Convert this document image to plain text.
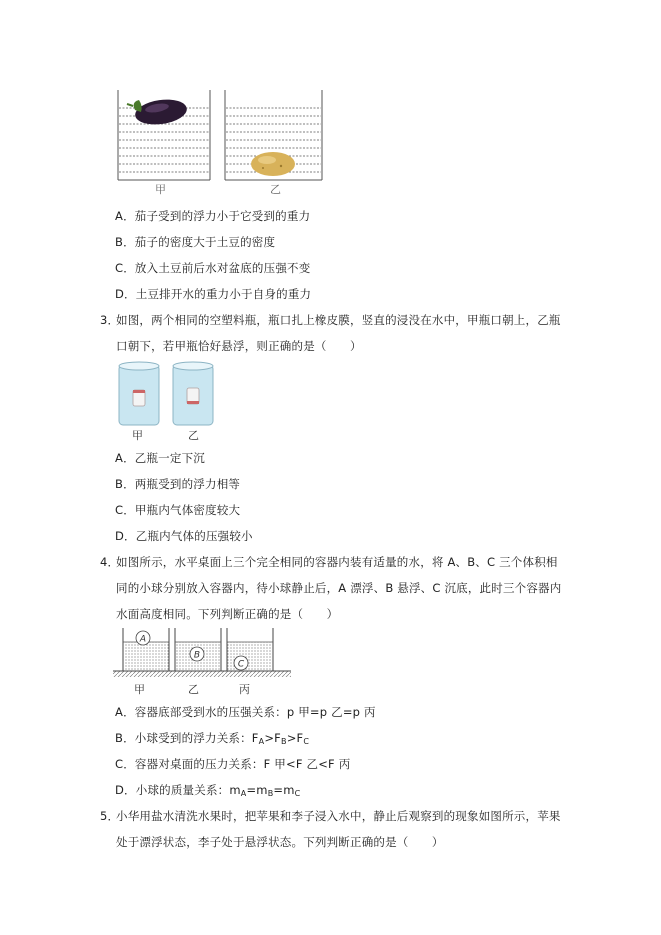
甲	乙
A．茄子受到的浮力小于它受到的重力
B．茄子的密度大于土豆的密度
C．放入土豆前后水对盆底的压强不变
D．土豆排开水的重力小于自身的重力
3．
如图，两个相同的空塑料瓶，瓶口扎上橡皮膜，竖直的浸没在水中，甲瓶口朝上，乙瓶
口朝下，若甲瓶恰好悬浮，则正确的是（　　）
甲	乙
A．乙瓶一定下沉
B．两瓶受到的浮力相等
C．甲瓶内气体密度较大
D．乙瓶内气体的压强较小
4．
如图所示，水平桌面上三个完全相同的容器内装有适量的水，将 A、B、C 三个体积相
同的小球分别放入容器内，待小球静止后，A 漂浮、B 悬浮、C 沉底，此时三个容器内
水面高度相同。下列判断正确的是（　　）
A
B
C
甲	乙	丙
A．容器底部受到水的压强关系：p 甲=p 乙=p 丙
B．小球受到的浮力关系：$F_A>F_B>F_C$
C．容器对桌面的压力关系：F 甲<F 乙<F 丙
D．小球的质量关系：$m_A=m_B=m_C$
5．
小华用盐水清洗水果时，把苹果和李子浸入水中，静止后观察到的现象如图所示，苹果
处于漂浮状态，李子处于悬浮状态。下列判断正确的是（　　）
